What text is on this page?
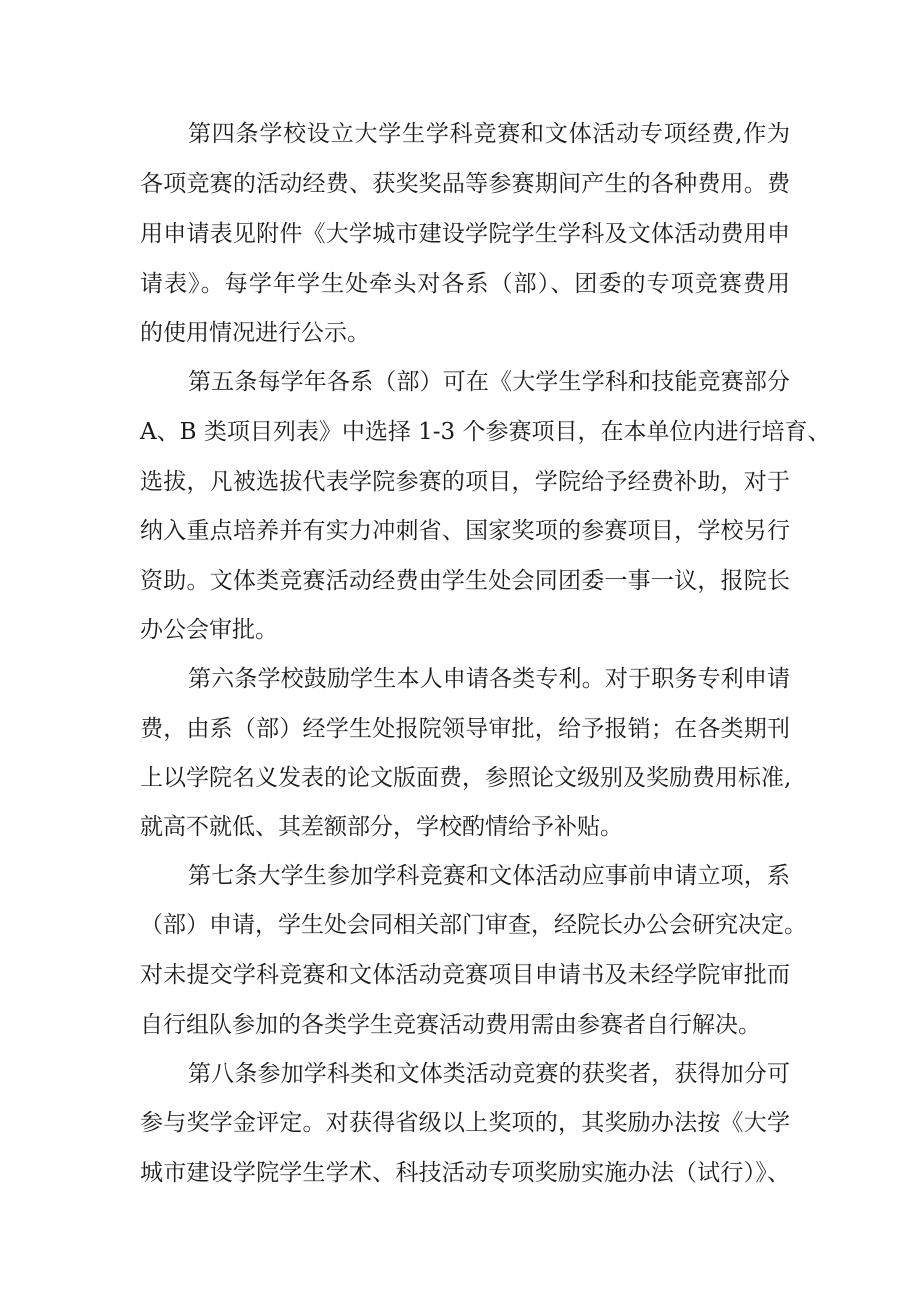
第四条学校设立大学生学科竞赛和文体活动专项经费,作为
各项竞赛的活动经费、获奖奖品等参赛期间产生的各种费用。费
用申请表见附件《大学城市建设学院学生学科及文体活动费用申
请表》。每学年学生处牵头对各系（部）、团委的专项竞赛费用
的使用情况进行公示。
第五条每学年各系（部）可在《大学生学科和技能竞赛部分
A、B 类项目列表》中选择 1-3 个参赛项目，在本单位内进行培育、
选拔，凡被选拔代表学院参赛的项目，学院给予经费补助，对于
纳入重点培养并有实力冲刺省、国家奖项的参赛项目，学校另行
资助。文体类竞赛活动经费由学生处会同团委一事一议，报院长
办公会审批。
第六条学校鼓励学生本人申请各类专利。对于职务专利申请
费，由系（部）经学生处报院领导审批，给予报销；在各类期刊
上以学院名义发表的论文版面费，参照论文级别及奖励费用标准,
就高不就低、其差额部分，学校酌情给予补贴。
第七条大学生参加学科竞赛和文体活动应事前申请立项，系
（部）申请，学生处会同相关部门审查，经院长办公会研究决定。
对未提交学科竞赛和文体活动竞赛项目申请书及未经学院审批而
自行组队参加的各类学生竞赛活动费用需由参赛者自行解决。
第八条参加学科类和文体类活动竞赛的获奖者，获得加分可
参与奖学金评定。对获得省级以上奖项的，其奖励办法按《大学
城市建设学院学生学术、科技活动专项奖励实施办法（试行）》、
